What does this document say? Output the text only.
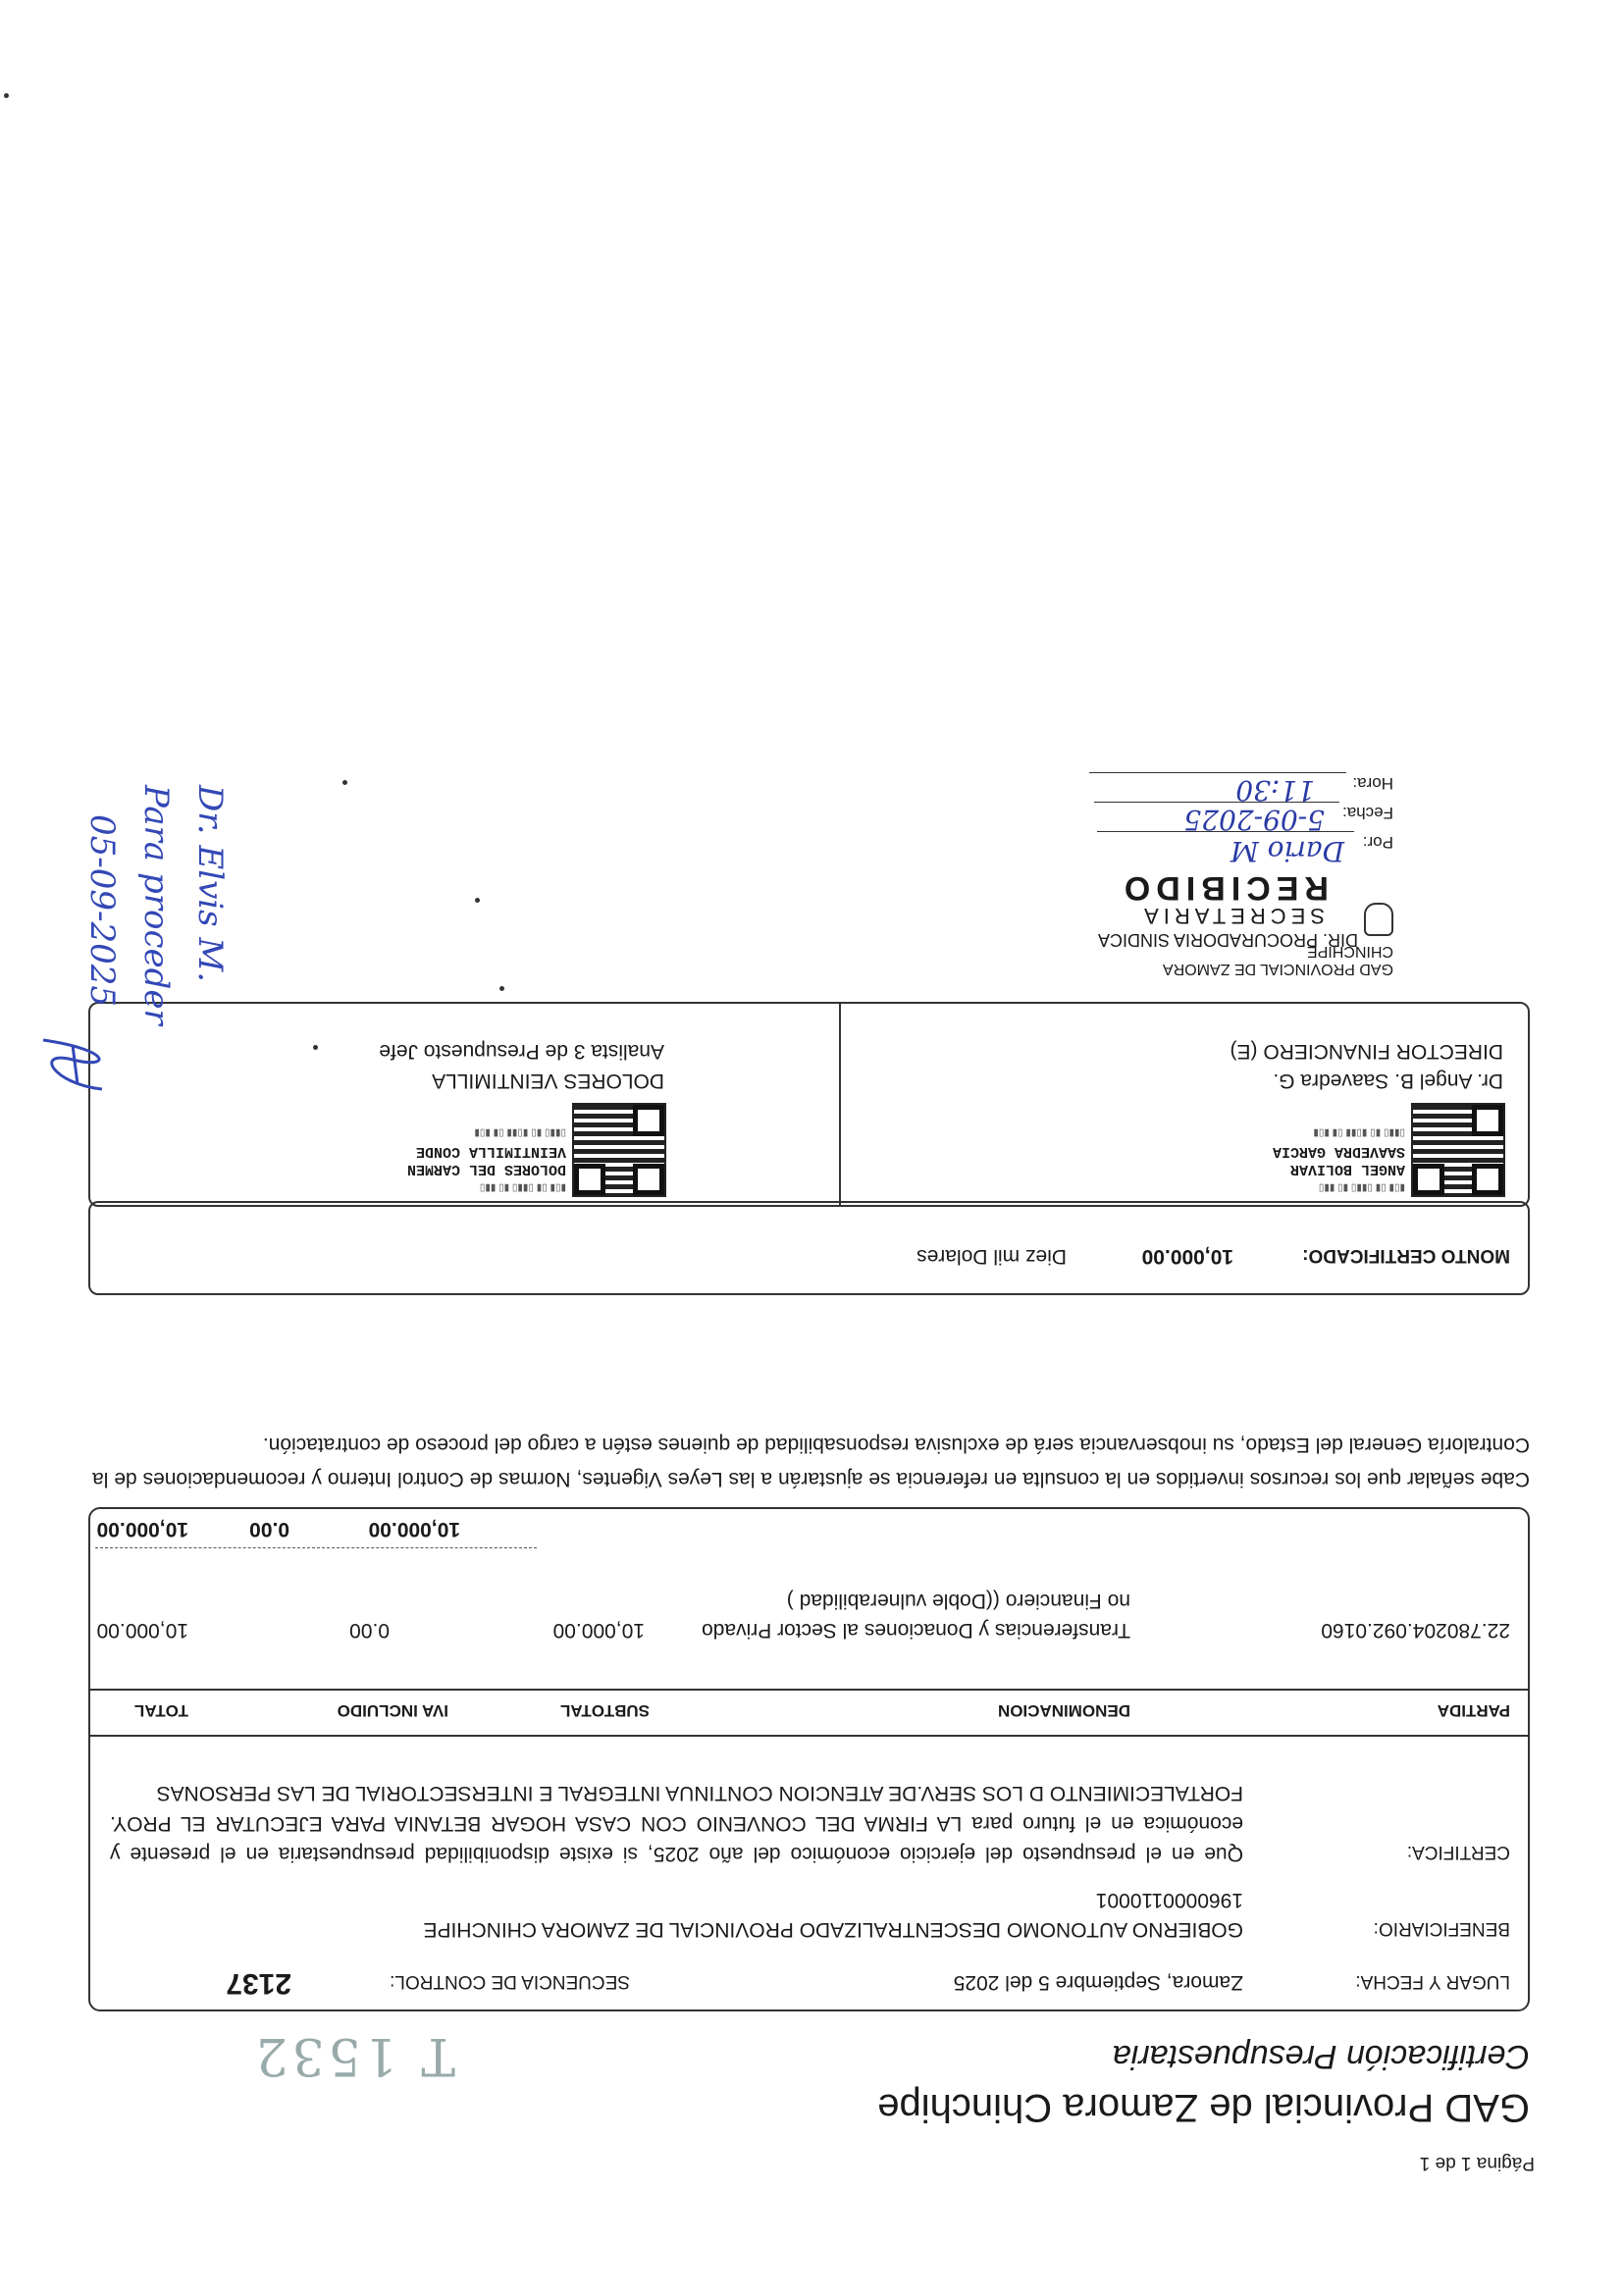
Página 1 de 1
GAD Provincial de Zamora Chinchipe
Certificación Presupuestaria
T 1532
LUGAR Y FECHA:
Zamora, Septiembre 5 del 2025
SECUENCIA DE CONTROL:
2137
BENEFICIARIO:
GOBIERNO AUTONOMO DESCENTRALIZADO PROVINCIAL DE ZAMORA CHINCHIPE
1960000110001
CERTIFICA:
Que en el presupuesto del ejercicio económico del año 2025, si existe disponibilidad presupuestaria en el presente y económica en el futuro para LA FIRMA DEL CONVENIO CON CASA HOGAR BETANIA PARA EJECUTAR EL PROY. FORTALECIMIENTO D LOS SERV.DE ATENCION CONTINUA INTEGRAL E INTERSECTORIAL DE LAS PERSONAS
PARTIDA
DENOMINACION
SUBTOTAL
IVA INCLUIDO
TOTAL
22.780204.092.0160
Transferencias y Donaciones al Sector Privado
no Financiero ((Doble vulnerabilidad )
10,000.00
0.00
10,000.00
10,000.00
0.00
10,000.00
Cabe señalar que los recursos invertidos en la consulta en referencia se ajustarán a las Leyes Vigentes, Normas de Control Interno y recomendaciones de la Contraloría General del Estado, su inobservancia será de exclusiva responsabilidad de quienes estén a cargo del proceso de contratación.
MONTO CERTIFICADO:
10,000.00
Diez mil Dolares
▮▯▮ ▯▮ ▯▮▮▯ ▮▯ ▮▮▯
ANGEL BOLIVAR
SAAVEDRA GARCIA
▯▮▮▯ ▮▯ ▮▯▮▮ ▯▮ ▮▯▮
Dr. Angel B. Saavedra G.
DIRECTOR FINANCIERO (E)
▮▯▮ ▯▮ ▯▮▮▯ ▮▯ ▮▮▯
DOLORES DEL CARMEN
VEINTIMILLA CONDE
▯▮▮▯ ▮▯ ▮▯▮▮ ▯▮ ▮▯▮
DOLORES VEINTIMILLA
Analista 3 de Presupuesto Jefe
GAD PROVINCIAL DE ZAMORA CHINCHIPE
DIR. PROCURADORIA SINDICA
SECRETARIA
RECIBIDO
Por:
Dario M
Fecha:
5-09-2025
Hora:
11:30
Dr. Elvis M.
Para proceder
05-09-2025
